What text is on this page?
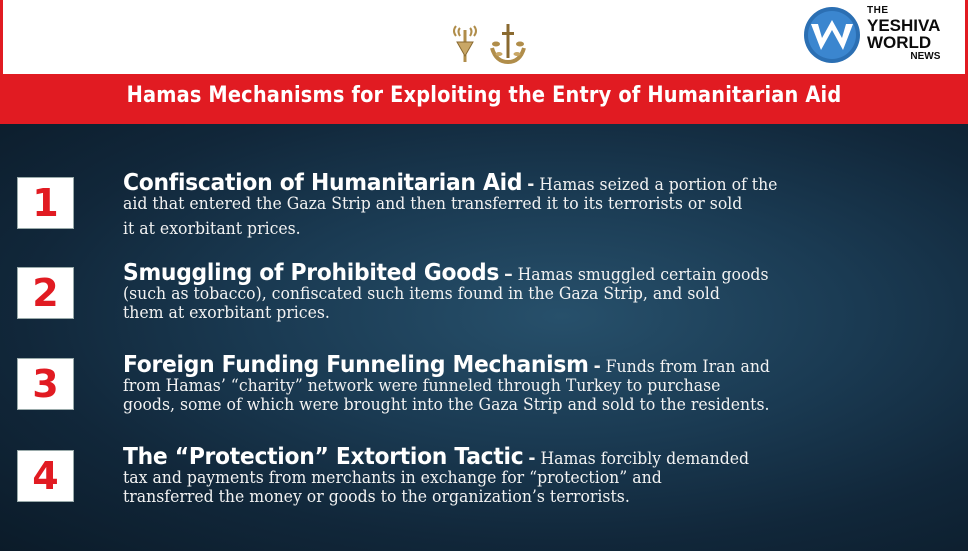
THE
YESHIVA
WORLD
NEWS
Hamas Mechanisms for Exploiting the Entry of Humanitarian Aid
1	Confiscation of Humanitarian Aid - Hamas seized a portion of the
aid that entered the Gaza Strip and then transferred it to its terrorists or sold
it at exorbitant prices.
2	Smuggling of Prohibited Goods – Hamas smuggled certain goods
(such as tobacco), confiscated such items found in the Gaza Strip, and sold
them at exorbitant prices.
3	Foreign Funding Funneling Mechanism - Funds from Iran and
from Hamas’ “charity” network were funneled through Turkey to purchase
goods, some of which were brought into the Gaza Strip and sold to the residents.
4	The “Protection” Extortion Tactic - Hamas forcibly demanded
tax and payments from merchants in exchange for “protection” and
transferred the money or goods to the organization’s terrorists.
